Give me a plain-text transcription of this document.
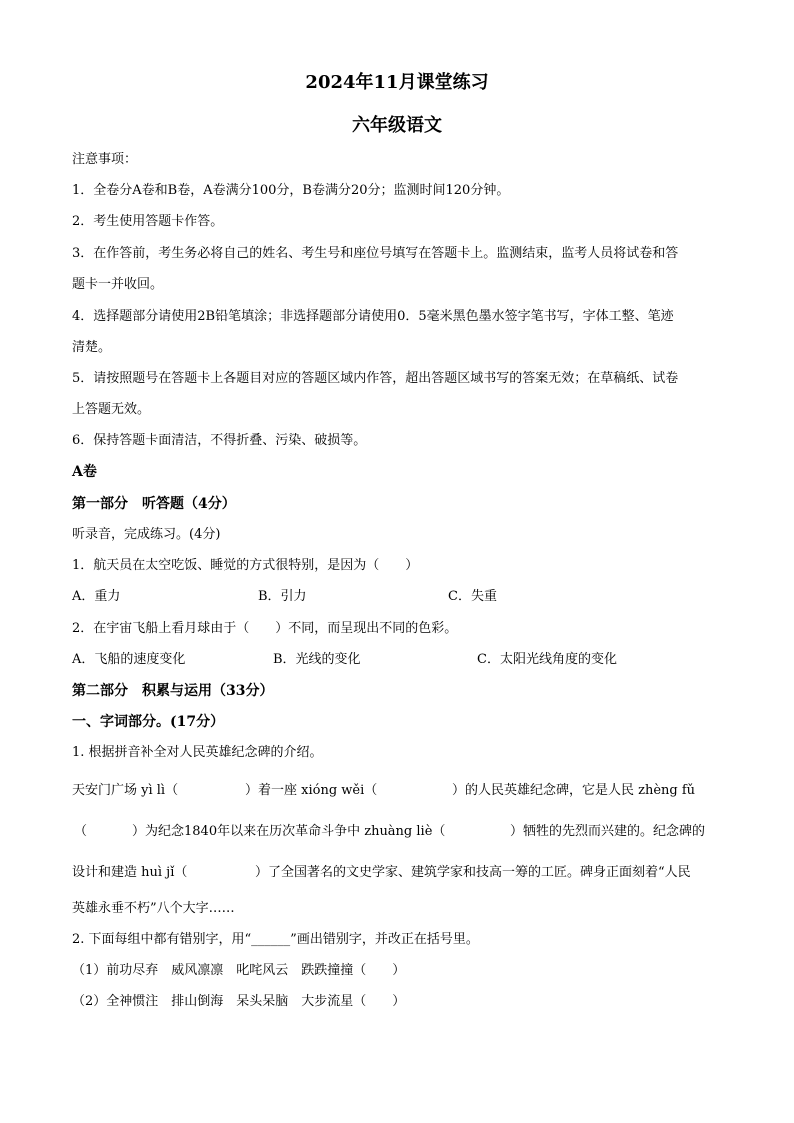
2024年11月课堂练习
六年级语文
注意事项：
1．全卷分A卷和B卷，A卷满分100分，B卷满分20分；监测时间120分钟。
2．考生使用答题卡作答。
3．在作答前，考生务必将自己的姓名、考生号和座位号填写在答题卡上。监测结束，监考人员将试卷和答
题卡一并收回。
4．选择题部分请使用2B铅笔填涂；非选择题部分请使用0．5毫米黑色墨水签字笔书写，字体工整、笔迹
清楚。
5．请按照题号在答题卡上各题目对应的答题区域内作答，超出答题区域书写的答案无效；在草稿纸、试卷
上答题无效。
6．保持答题卡面清洁，不得折叠、污染、破损等。
A卷
第一部分　听答题（4分）
听录音，完成练习。(4分)
1．航天员在太空吃饭、睡觉的方式很特别，是因为（　　）
A．重力	B．引力	C．失重
2．在宇宙飞船上看月球由于（　　）不同，而呈现出不同的色彩。
A．飞船的速度变化	B．光线的变化	C．太阳光线角度的变化
第二部分　积累与运用（33分）
一、字词部分。(17分）
1. 根据拼音补全对人民英雄纪念碑的介绍。
天安门广场 yì lì（	）着一座 xióng wěi（	）的人民英雄纪念碑，它是人民 zhèng fǔ
（	）为纪念1840年以来在历次革命斗争中 zhuàng liè（	）牺牲的先烈而兴建的。纪念碑的
设计和建造 huì jǐ（	）了全国著名的文史学家、建筑学家和技高一筹的工匠。碑身正面刻着“人民
英雄永垂不朽”八个大字……
2. 下面每组中都有错别字，用“______”画出错别字，并改正在括号里。
（1）前功尽弃　威风凛凛　叱咤风云　跌跌撞撞（　　）
（2）全神惯注　排山倒海　呆头呆脑　大步流星（　　）
